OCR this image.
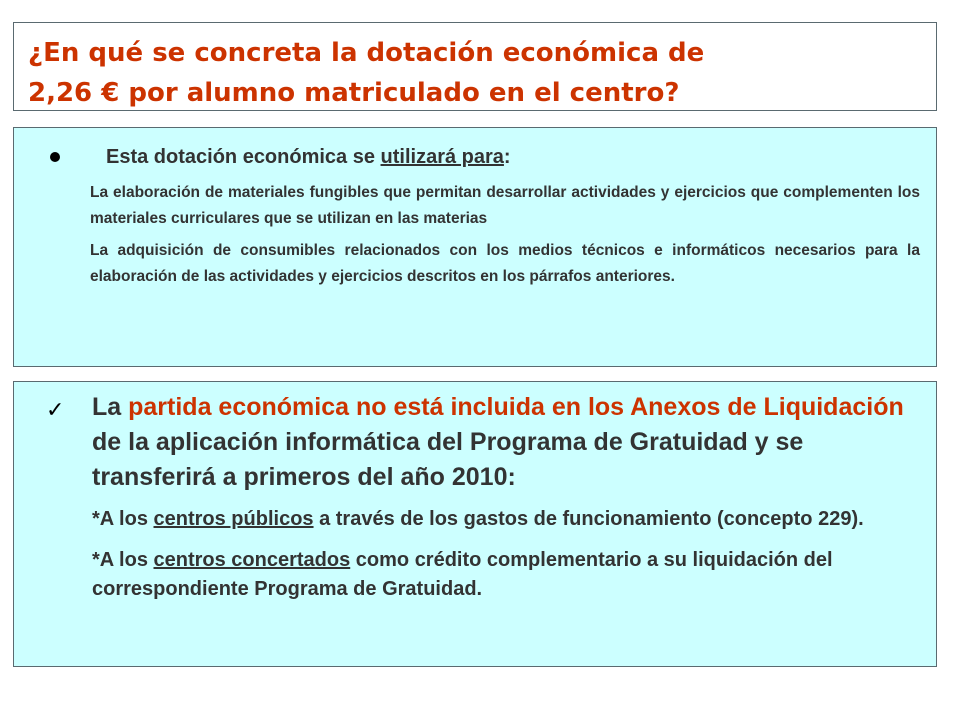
¿En qué se concreta la dotación económica de
2,26 € por alumno matriculado en el centro?

Esta dotación económica se utilizará para:

La elaboración de materiales fungibles que permitan desarrollar actividades y ejercicios que complementen los materiales curriculares que se utilizan en las materias

La adquisición de consumibles relacionados con los medios técnicos e informáticos necesarios para la elaboración de las actividades y ejercicios descritos en los párrafos anteriores.

✓	La partida económica no está incluida en los Anexos de Liquidación de la aplicación informática del Programa de Gratuidad y se transferirá a primeros del año 2010:

*A los centros públicos a través de los gastos de funcionamiento (concepto 229).

*A los centros concertados como crédito complementario a su liquidación del correspondiente Programa de Gratuidad.
